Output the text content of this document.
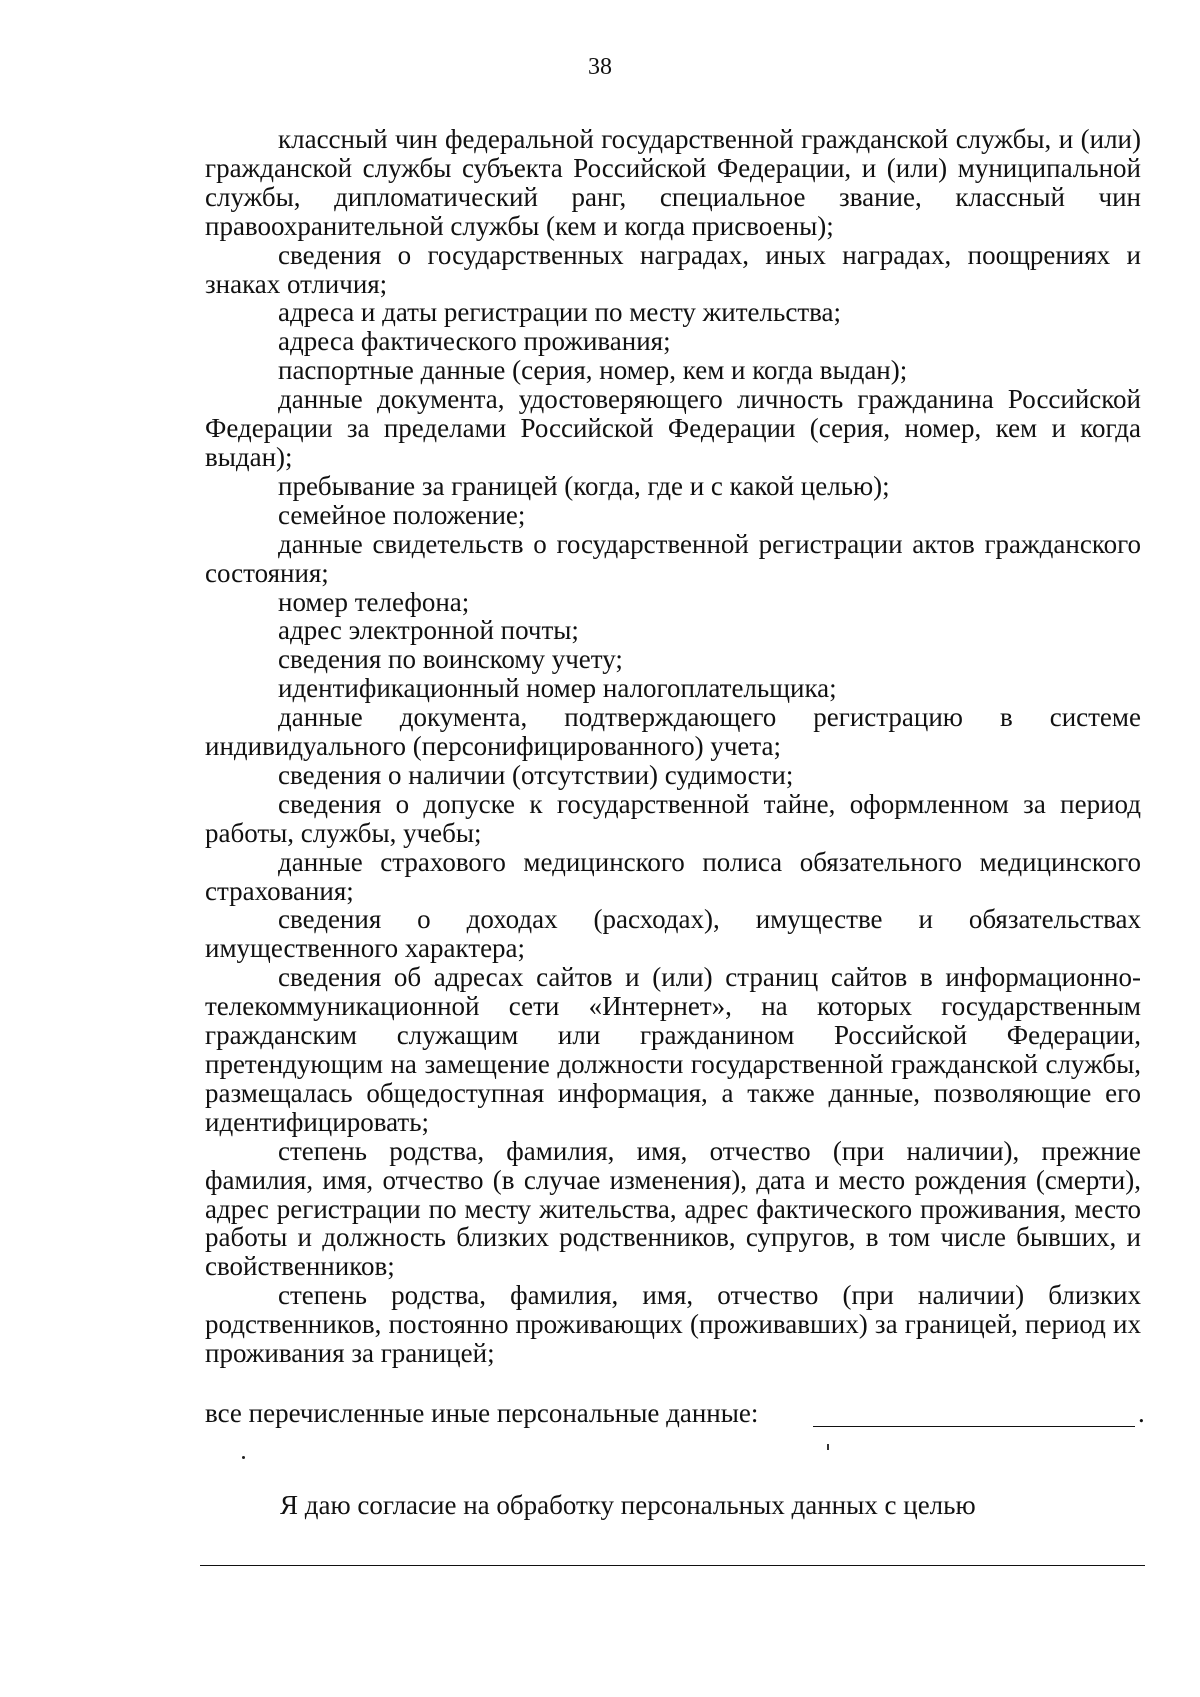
38

классный чин федеральной государственной гражданской службы, и (или) гражданской службы субъекта Российской Федерации, и (или) муниципальной службы, дипломатический ранг, специальное звание, классный чин правоохранительной службы (кем и когда присвоены);

сведения о государственных наградах, иных наградах, поощрениях и знаках отличия;

адреса и даты регистрации по месту жительства;

адреса фактического проживания;

паспортные данные (серия, номер, кем и когда выдан);

данные документа, удостоверяющего личность гражданина Российской Федерации за пределами Российской Федерации (серия, номер, кем и когда выдан);

пребывание за границей (когда, где и с какой целью);

семейное положение;

данные свидетельств о государственной регистрации актов гражданского состояния;

номер телефона;

адрес электронной почты;

сведения по воинскому учету;

идентификационный номер налогоплательщика;

данные документа, подтверждающего регистрацию в системе индивидуального (персонифицированного) учета;

сведения о наличии (отсутствии) судимости;

сведения о допуске к государственной тайне, оформленном за период работы, службы, учебы;

данные страхового медицинского полиса обязательного медицинского страхования;

сведения о доходах (расходах), имуществе и обязательствах имущественного характера;

сведения об адресах сайтов и (или) страниц сайтов в информационно-телекоммуникационной сети «Интернет», на которых государственным гражданским служащим или гражданином Российской Федерации, претендующим на замещение должности государственной гражданской службы, размещалась общедоступная информация, а также данные, позволяющие его идентифицировать;

степень родства, фамилия, имя, отчество (при наличии), прежние фамилия, имя, отчество (в случае изменения), дата и место рождения (смерти), адрес регистрации по месту жительства, адрес фактического проживания, место работы и должность близких родственников, супругов, в том числе бывших, и свойственников;

степень родства, фамилия, имя, отчество (при наличии) близких родственников, постоянно проживающих (проживавших) за границей, период их проживания за границей;

все перечисленные иные персональные данные:	.
Я даю согласие на обработку персональных данных с целью
